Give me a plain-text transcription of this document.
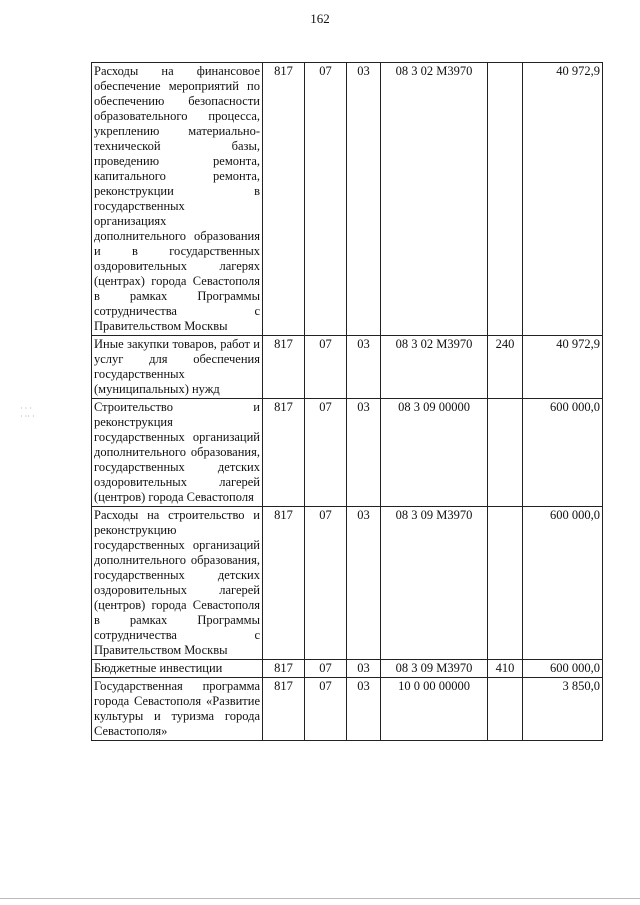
162
Расходы на финансовое обеспечение мероприятий по обеспечению безопасности образовательного процесса, укреплению материально-технической базы, проведению ремонта, капитального ремонта, реконструкции в государственных организациях дополнительного образования и в государственных оздоровительных лагерях (центрах) города Севастополя в рамках Программы сотрудничества с Правительством Москвы	817	07	03	08 3 02 M3970		40 972,9
Иные закупки товаров, работ и услуг для обеспечения государственных (муниципальных) нужд	817	07	03	08 3 02 M3970	240	40 972,9
Строительство и реконструкция государственных организаций дополнительного образования, государственных детских оздоровительных лагерей (центров) города Севастополя	817	07	03	08 3 09 00000		600 000,0
Расходы на строительство и реконструкцию государственных организаций дополнительного образования, государственных детских оздоровительных лагерей (центров) города Севастополя в рамках Программы сотрудничества с Правительством Москвы	817	07	03	08 3 09 M3970		600 000,0
Бюджетные инвестиции	817	07	03	08 3 09 M3970	410	600 000,0
Государственная программа города Севастополя «Развитие культуры и туризма города Севастополя»	817	07	03	10 0 00 00000		3 850,0
· · ·
· ·· ·
